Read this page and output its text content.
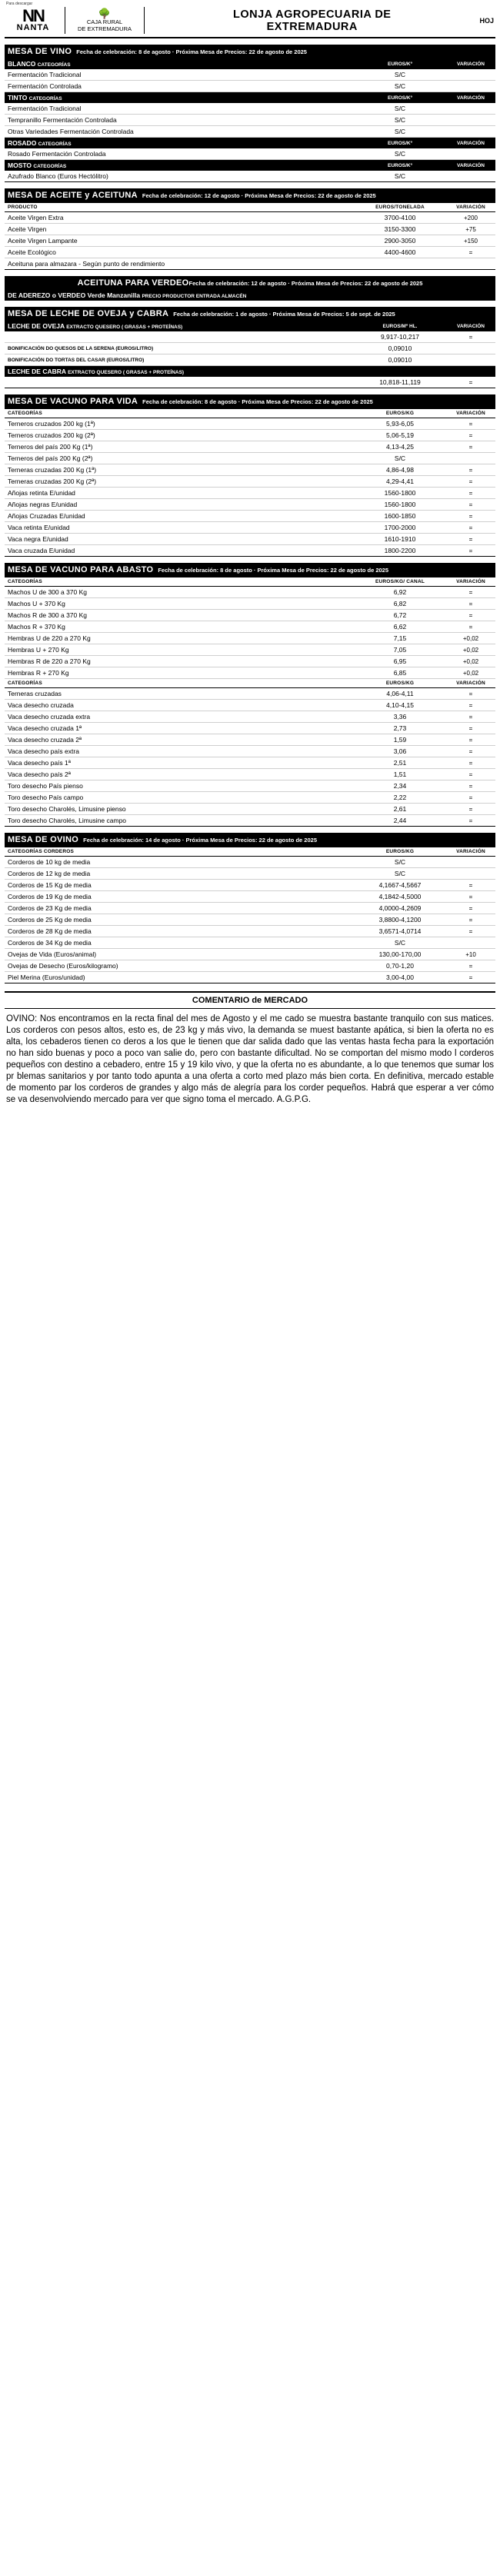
Para descargar
NN
NANTA
🌳
CAJA RURAL
DE EXTREMADURA
LONJA AGROPECUARIA DE
EXTREMADURA	HOJ
MESA DE VINO Fecha de celebración: 8 de agosto · Próxima Mesa de Precios: 22 de agosto de 2025
BLANCO CATEGORÍAS	EUROS/Kº	VARIACIÓN
Fermentación Tradicional	S/C	
Fermentación Controlada	S/C	
TINTO CATEGORÍAS	EUROS/Kº	VARIACIÓN
Fermentación Tradicional	S/C	
Tempranillo Fermentación Controlada	S/C	
Otras Variedades Fermentación Controlada	S/C	
ROSADO CATEGORÍAS	EUROS/Kº	VARIACIÓN
Rosado Fermentación Controlada	S/C	
MOSTO CATEGORÍAS	EUROS/Kº	VARIACIÓN
Azufrado Blanco (Euros Hectólitro)	S/C	
MESA DE ACEITE y ACEITUNA Fecha de celebración: 12 de agosto · Próxima Mesa de Precios: 22 de agosto de 2025
PRODUCTO	EUROS/TONELADA	VARIACIÓN
Aceite Virgen Extra	3700-4100	+200
Aceite Virgen	3150-3300	+75
Aceite Virgen Lampante	2900-3050	+150
Aceite Ecológico	4400-4600	=
Aceituna para almazara - Según punto de rendimiento		
ACEITUNA PARA VERDEO Fecha de celebración: 12 de agosto · Próxima Mesa de Precios: 22 de agosto de 2025
DE ADEREZO o VERDEO Verde Manzanilla PRECIO PRODUCTOR ENTRADA ALMACÉN		
MESA DE LECHE DE OVEJA y CABRA Fecha de celebración: 1 de agosto · Próxima Mesa de Precios: 5 de sept. de 2025
LECHE DE OVEJA EXTRACTO QUESERO ( GRASAS + PROTEÍNAS)	EUROS/Mº HL.	VARIACIÓN
	9,917-10,217	=
BONIFICACIÓN DO QUESOS DE LA SERENA (EUROS/LITRO)	0,09010	
BONIFICACIÓN DO TORTAS DEL CASAR (EUROS/LITRO)	0,09010	
LECHE DE CABRA EXTRACTO QUESERO ( GRASAS + PROTEÍNAS)		
	10,818-11,119	=
MESA DE VACUNO PARA VIDA Fecha de celebración: 8 de agosto · Próxima Mesa de Precios: 22 de agosto de 2025
CATEGORÍAS	EUROS/KG	VARIACIÓN
Terneros cruzados 200 kg (1ª)	5,93-6,05	=
Terneros cruzados 200 kg (2ª)	5,06-5,19	=
Terneros del país 200 Kg (1ª)	4,13-4,25	=
Terneros del país 200 Kg (2ª)	S/C	
Terneras cruzadas 200 Kg (1ª)	4,86-4,98	=
Terneras cruzadas 200 Kg (2ª)	4,29-4,41	=
Añojas retinta E/unidad	1560-1800	=
Añojas negras E/unidad	1560-1800	=
Añojas Cruzadas E/unidad	1600-1850	=
Vaca retinta E/unidad	1700-2000	=
Vaca negra E/unidad	1610-1910	=
Vaca cruzada E/unidad	1800-2200	=
MESA DE VACUNO PARA ABASTO Fecha de celebración: 8 de agosto · Próxima Mesa de Precios: 22 de agosto de 2025
CATEGORÍAS	EUROS/KG/ CANAL	VARIACIÓN
Machos U de 300 a 370 Kg	6,92	=
Machos U + 370 Kg	6,82	=
Machos R de 300 a 370 Kg	6,72	=
Machos R + 370 Kg	6,62	=
Hembras U de 220 a 270 Kg	7,15	+0,02
Hembras U + 270 Kg	7,05	+0,02
Hembras R de 220 a 270 Kg	6,95	+0,02
Hembras R + 270 Kg	6,85	+0,02
CATEGORÍAS	EUROS/KG	VARIACIÓN
Terneras cruzadas	4,06-4,11	=
Vaca desecho cruzada	4,10-4,15	=
Vaca desecho cruzada extra	3,36	=
Vaca desecho cruzada 1ª	2,73	=
Vaca desecho cruzada 2ª	1,59	=
Vaca desecho país extra	3,06	=
Vaca desecho país 1ª	2,51	=
Vaca desecho país 2ª	1,51	=
Toro desecho País pienso	2,34	=
Toro desecho País campo	2,22	=
Toro desecho Charolés, Limusine pienso	2,61	=
Toro desecho Charolés, Limusine campo	2,44	=
MESA DE OVINO Fecha de celebración: 14 de agosto · Próxima Mesa de Precios: 22 de agosto de 2025
CATEGORÍAS CORDEROS	EUROS/KG	VARIACIÓN
Corderos de 10 kg de media	S/C	
Corderos de 12 kg de media	S/C	
Corderos de 15 Kg de media	4,1667-4,5667	=
Corderos de 19 Kg de media	4,1842-4,5000	=
Corderos de 23 Kg de media	4,0000-4,2609	=
Corderos de 25 Kg de media	3,8800-4,1200	=
Corderos de 28 Kg de media	3,6571-4,0714	=
Corderos de 34 Kg de media	S/C	
Ovejas de Vida (Euros/animal)	130,00-170,00	+10
Ovejas de Desecho (Euros/kilogramo)	0,70-1,20	=
Piel Merina (Euros/unidad)	3,00-4,00	=
COMENTARIO de MERCADO
OVINO: Nos encontramos en la recta final del mes de Agosto y el me cado se muestra bastante tranquilo con sus matices. Los corderos con pesos altos, esto es, de 23 kg y más vivo, la demanda se muest bastante apática, si bien la oferta no es alta, los cebaderos tienen co deros a los que le tienen que dar salida dado que las ventas hasta fecha para la exportación no han sido buenas y poco a poco van salie do, pero con bastante dificultad. No se comportan del mismo modo l corderos pequeños con destino a cebadero, entre 15 y 19 kilo vivo, y que la oferta no es abundante, a lo que tenemos que sumar los pr blemas sanitarios y por tanto todo apunta a una oferta a corto med plazo más bien corta. En definitiva, mercado estable de momento par los corderos de grandes y algo más de alegría para los corder pequeños. Habrá que esperar a ver cómo se va desenvolviendo mercado para ver que signo toma el mercado. A.G.P.G.
